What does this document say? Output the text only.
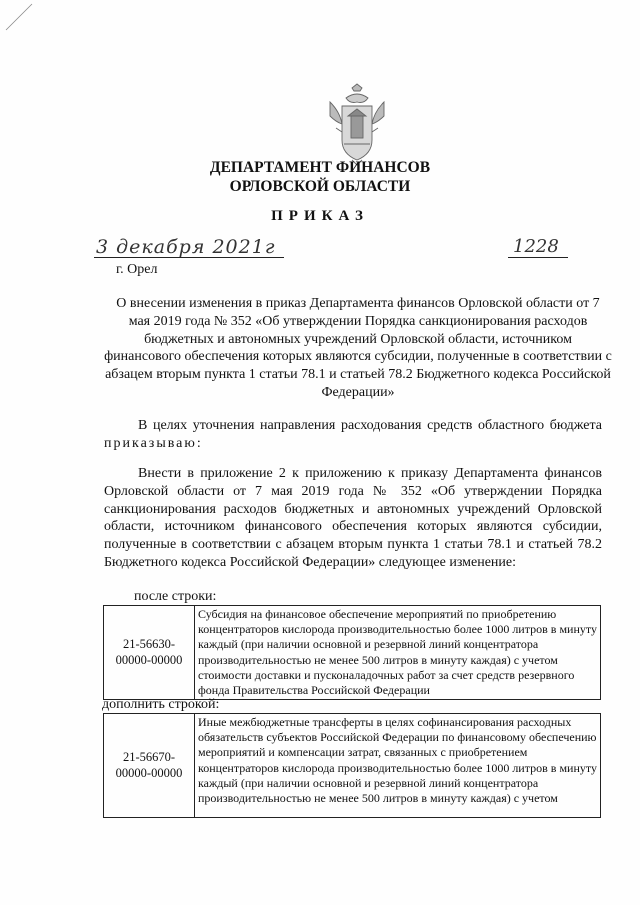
ДЕПАРТАМЕНТ ФИНАНСОВ
ОРЛОВСКОЙ ОБЛАСТИ
ПРИКАЗ
3 декабря 2021г	1228
г. Орел
О внесении изменения в приказ Департамента финансов Орловской области от 7 мая 2019 года № 352 «Об утверждении Порядка санкционирования расходов бюджетных и автономных учреждений Орловской области, источником финансового обеспечения которых являются субсидии, полученные в соответствии с абзацем вторым пункта 1 статьи 78.1 и статьей 78.2 Бюджетного кодекса Российской Федерации»
В целях уточнения направления расходования средств областного бюджета приказываю:
Внести в приложение 2 к приложению к приказу Департамента финансов Орловской области от 7 мая 2019 года № 352 «Об утверждении Порядка санкционирования расходов бюджетных и автономных учреждений Орловской области, источником финансового обеспечения которых являются субсидии, полученные в соответствии с абзацем вторым пункта 1 статьи 78.1 и статьей 78.2 Бюджетного кодекса Российской Федерации» следующее изменение:
после строки:
21-56630-00000-00000	Субсидия на финансовое обеспечение мероприятий по приобретению концентраторов кислорода производительностью более 1000 литров в минуту каждый (при наличии основной и резервной линий концентратора производительностью не менее 500 литров в минуту каждая) с учетом стоимости доставки и пусконаладочных работ за счет средств резервного фонда Правительства Российской Федерации
дополнить строкой:
21-56670-00000-00000	Иные межбюджетные трансферты в целях софинансирования расходных обязательств субъектов Российской Федерации по финансовому обеспечению мероприятий и компенсации затрат, связанных с приобретением концентраторов кислорода производительностью более 1000 литров в минуту каждый (при наличии основной и резервной линий концентратора производительностью не менее 500 литров в минуту каждая) с учетом
